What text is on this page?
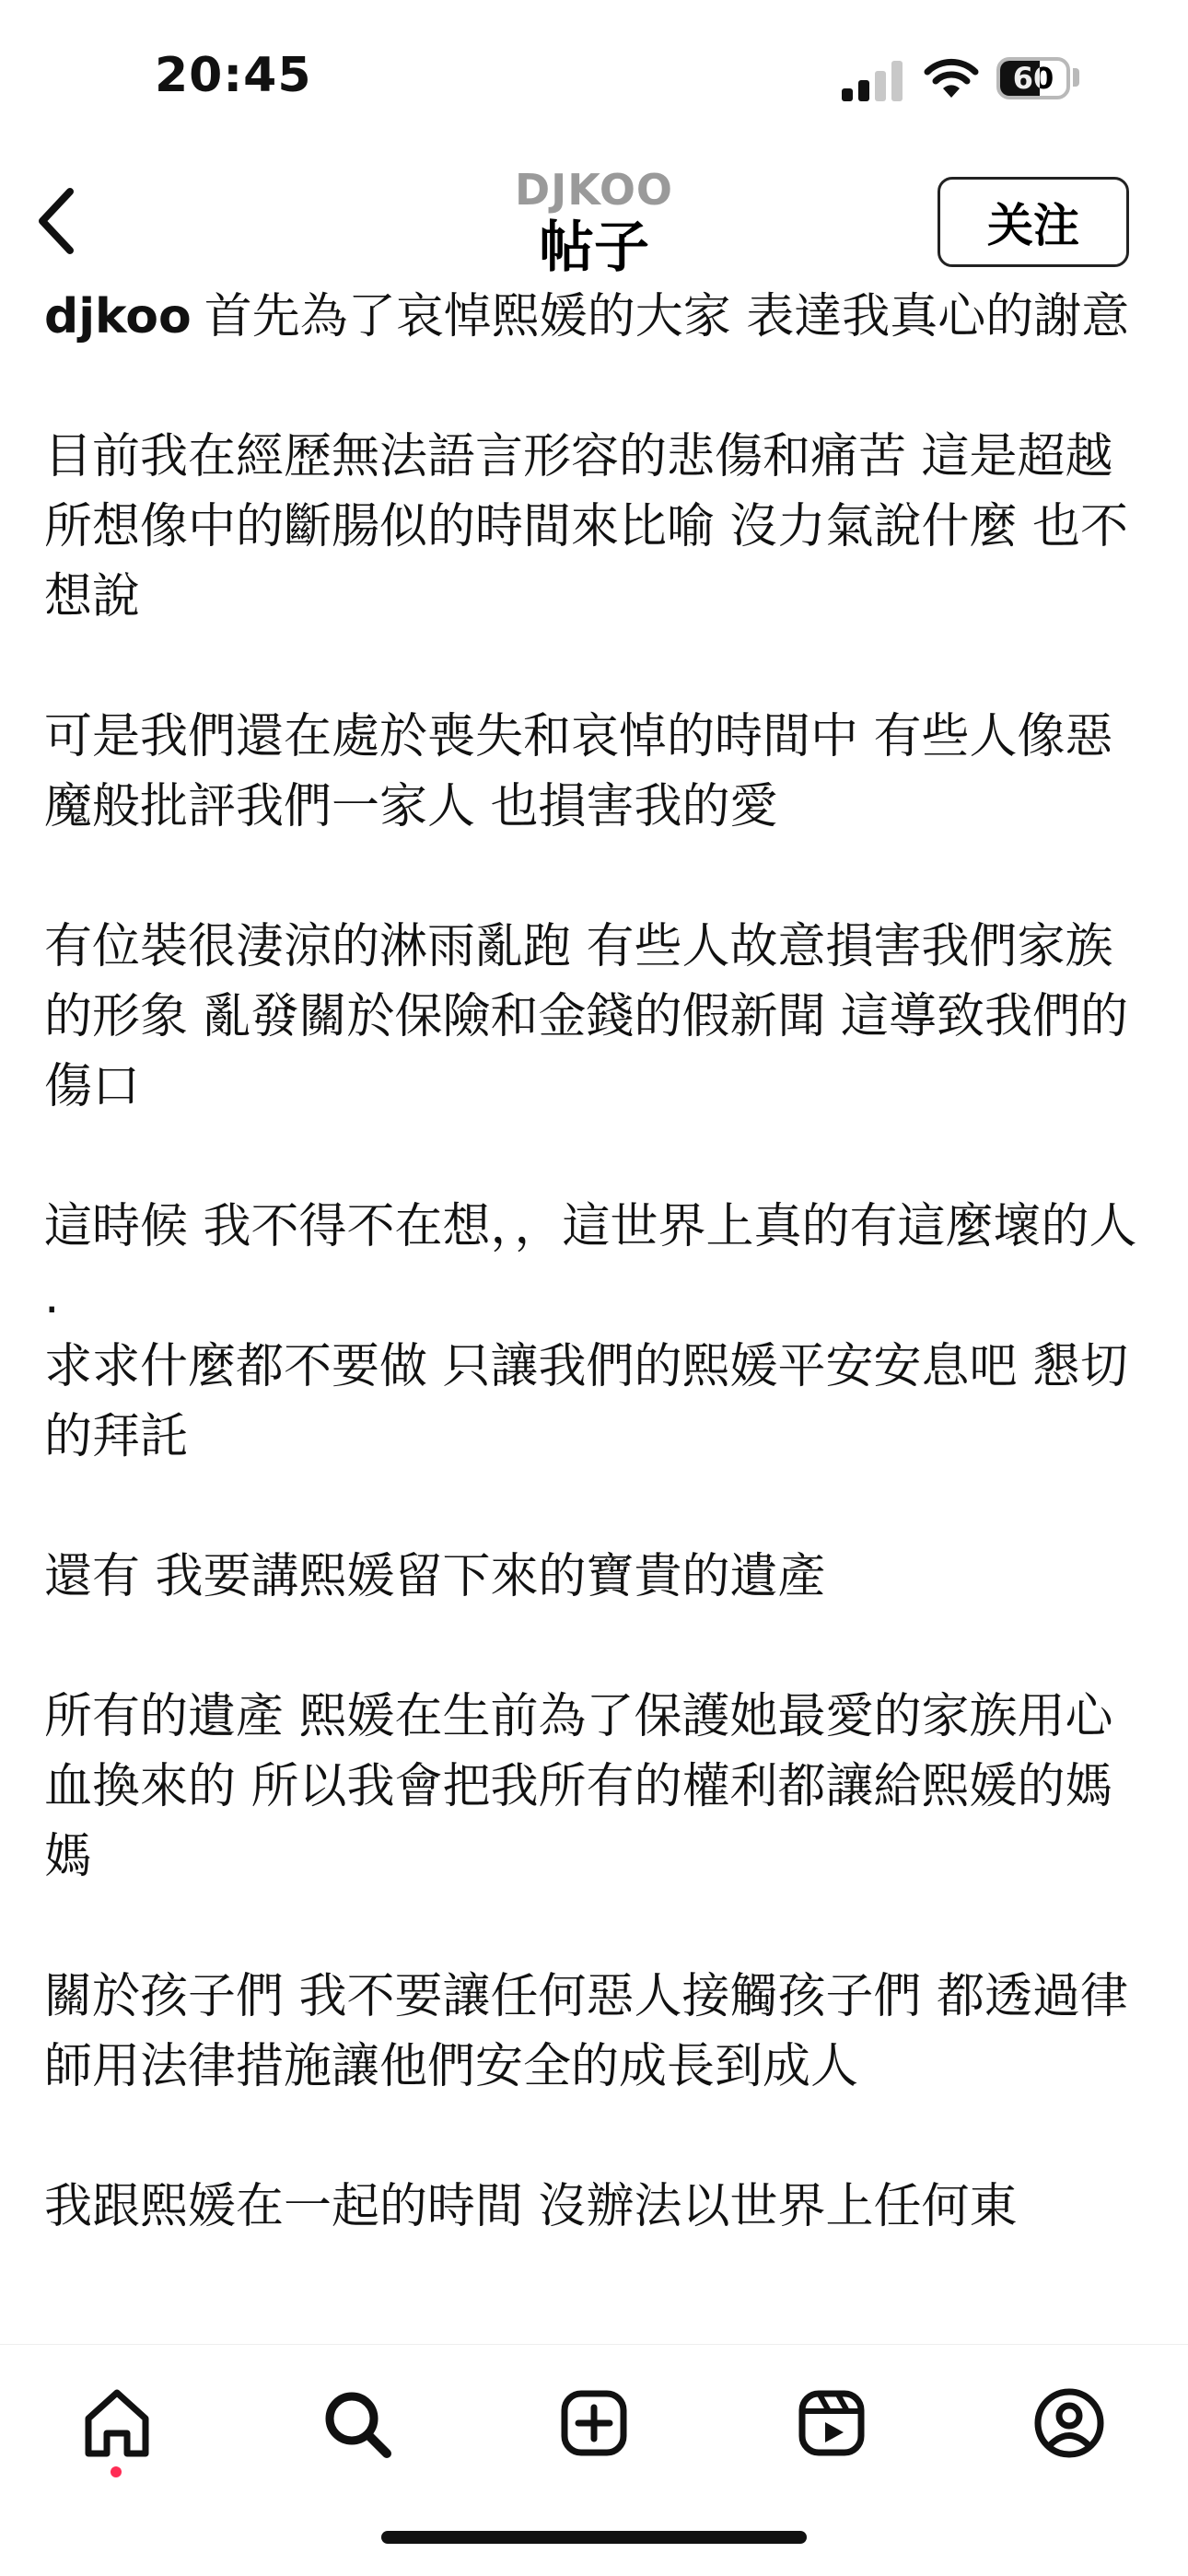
20:45	60
DJKOO
帖子	关注

djkoo 首先為了哀悼熙媛的大家 表達我真心的謝意

目前我在經歷無法語言形容的悲傷和痛苦 這是超越所想像中的斷腸似的時間來比喻 沒力氣說什麼 也不想說

可是我們還在處於喪失和哀悼的時間中 有些人像惡魔般批評我們一家人 也損害我的愛

有位裝很淒涼的淋雨亂跑 有些人故意損害我們家族的形象 亂發關於保險和金錢的假新聞 這導致我們的傷口

這時候 我不得不在想，，這世界上真的有這麼壞的人

.

求求什麼都不要做 只讓我們的熙媛平安安息吧 懇切的拜託

還有 我要講熙媛留下來的寶貴的遺產

所有的遺產 熙媛在生前為了保護她最愛的家族用心血換來的 所以我會把我所有的權利都讓給熙媛的媽媽

關於孩子們 我不要讓任何惡人接觸孩子們 都透過律師用法律措施讓他們安全的成長到成人

我跟熙媛在一起的時間 沒辦法以世界上任何東
